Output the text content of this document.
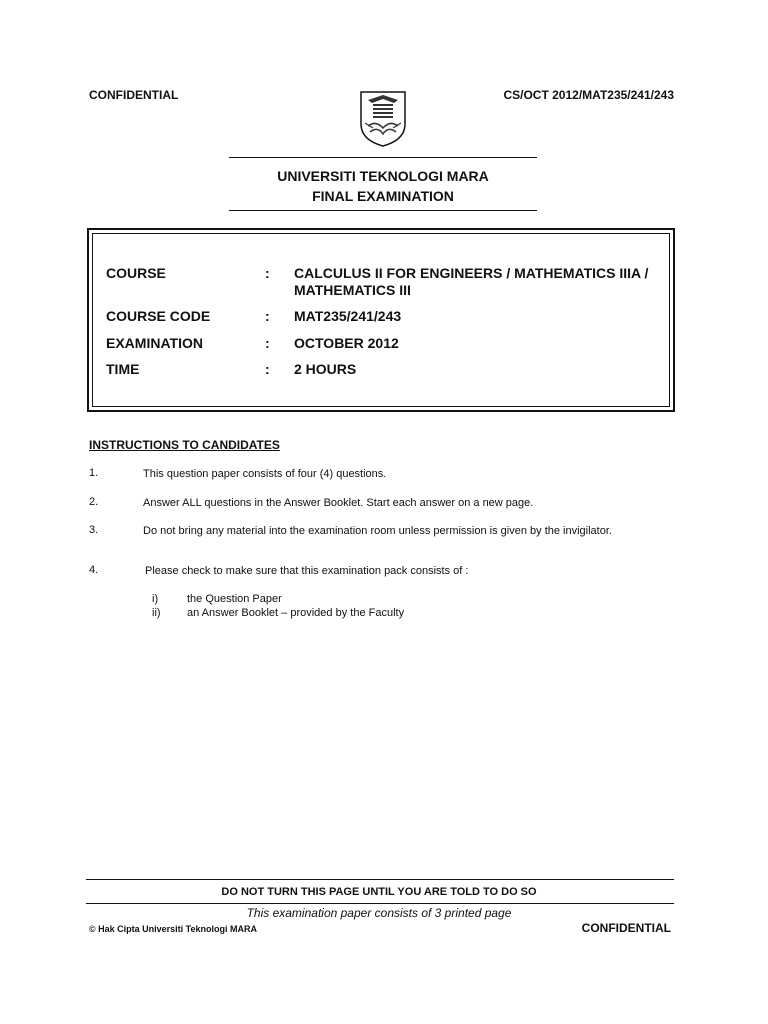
CONFIDENTIAL	CS/OCT 2012/MAT235/241/243
UNIVERSITI TEKNOLOGI MARA
FINAL EXAMINATION
COURSE	: CALCULUS II FOR ENGINEERS / MATHEMATICS IIIA / MATHEMATICS III
COURSE CODE	: MAT235/241/243
EXAMINATION	: OCTOBER 2012
TIME	: 2 HOURS
INSTRUCTIONS TO CANDIDATES
1.	This question paper consists of four (4) questions.
2.	Answer ALL questions in the Answer Booklet. Start each answer on a new page.
3.	Do not bring any material into the examination room unless permission is given by the invigilator.
4.	Please check to make sure that this examination pack consists of :
i)	the Question Paper
ii) an Answer Booklet – provided by the Faculty
DO NOT TURN THIS PAGE UNTIL YOU ARE TOLD TO DO SO
This examination paper consists of 3 printed page
© Hak Cipta Universiti Teknologi MARA	CONFIDENTIAL
